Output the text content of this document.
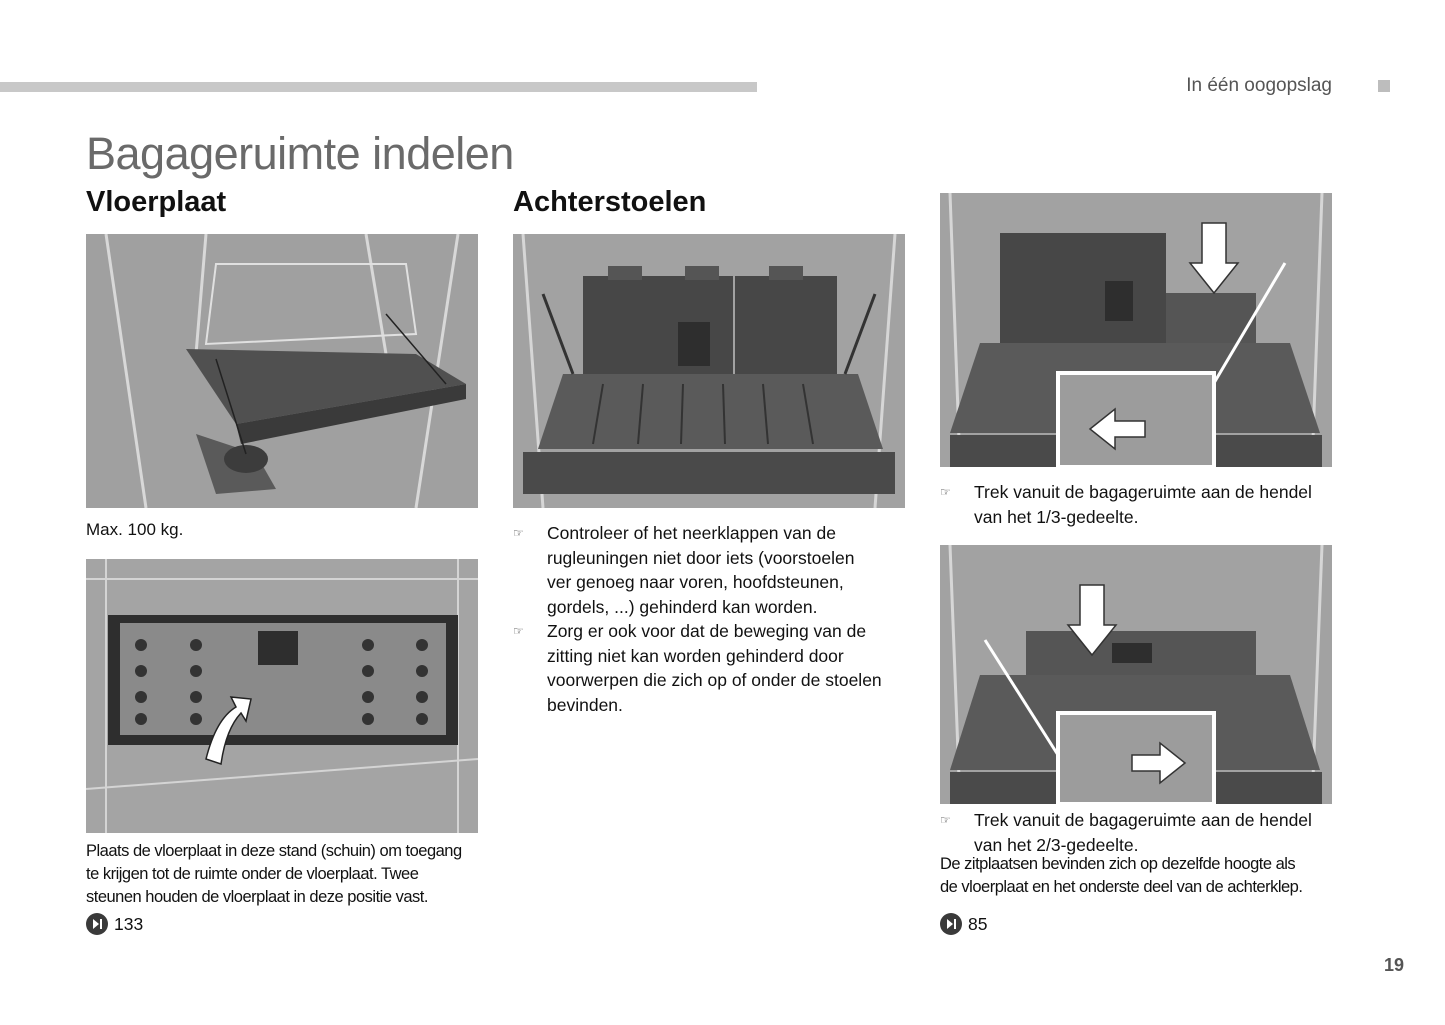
In één oogopslag
Bagageruimte indelen
Vloerplaat
Max. 100 kg.
Plaats de vloerplaat in deze stand (schuin) om toegang
te krijgen tot de ruimte onder de vloerplaat. Twee
steunen houden de vloerplaat in deze positie vast.
133
Achterstoelen
☞ Controleer of het neerklappen van de
rugleuningen niet door iets (voorstoelen
ver genoeg naar voren, hoofdsteunen,
gordels, ...) gehinderd kan worden.
☞ Zorg er ook voor dat de beweging van de
zitting niet kan worden gehinderd door
voorwerpen die zich op of onder de stoelen
bevinden.
☞ Trek vanuit de bagageruimte aan de hendel
van het 1/3-gedeelte.
☞ Trek vanuit de bagageruimte aan de hendel
van het 2/3-gedeelte.
De zitplaatsen bevinden zich op dezelfde hoogte als
de vloerplaat en het onderste deel van de achterklep.
85
19
